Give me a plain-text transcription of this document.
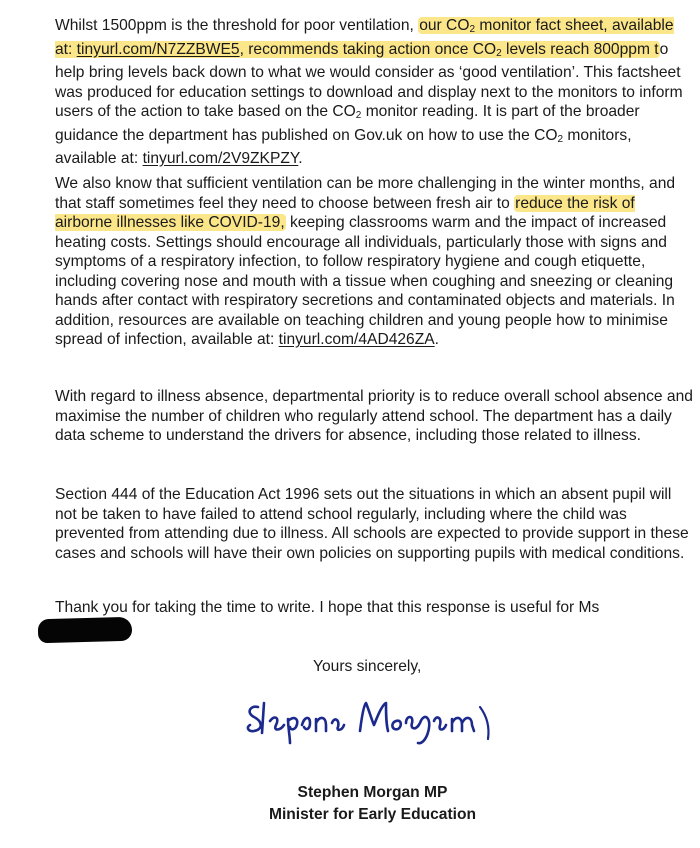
Whilst 1500ppm is the threshold for poor ventilation, our $CO_2$ monitor fact sheet, available at: tinyurl.com/N7ZZBWE5, recommends taking action once $CO_2$ levels reach 800ppm to help bring levels back down to what we would consider as ‘good ventilation’. This factsheet was produced for education settings to download and display next to the monitors to inform users of the action to take based on the $CO_2$ monitor reading. It is part of the broader guidance the department has published on Gov.uk on how to use the $CO_2$ monitors, available at: tinyurl.com/2V9ZKPZY.

We also know that sufficient ventilation can be more challenging in the winter months, and that staff sometimes feel they need to choose between fresh air to reduce the risk of airborne illnesses like COVID-19, keeping classrooms warm and the impact of increased heating costs. Settings should encourage all individuals, particularly those with signs and symptoms of a respiratory infection, to follow respiratory hygiene and cough etiquette, including covering nose and mouth with a tissue when coughing and sneezing or cleaning hands after contact with respiratory secretions and contaminated objects and materials. In addition, resources are available on teaching children and young people how to minimise spread of infection, available at: tinyurl.com/4AD426ZA.

With regard to illness absence, departmental priority is to reduce overall school absence and maximise the number of children who regularly attend school. The department has a daily data scheme to understand the drivers for absence, including those related to illness.

Section 444 of the Education Act 1996 sets out the situations in which an absent pupil will not be taken to have failed to attend school regularly, including where the child was prevented from attending due to illness. All schools are expected to provide support in these cases and schools will have their own policies on supporting pupils with medical conditions.

Thank you for taking the time to write. I hope that this response is useful for Ms

Yours sincerely,
Stephen Morgan MP
Minister for Early Education
